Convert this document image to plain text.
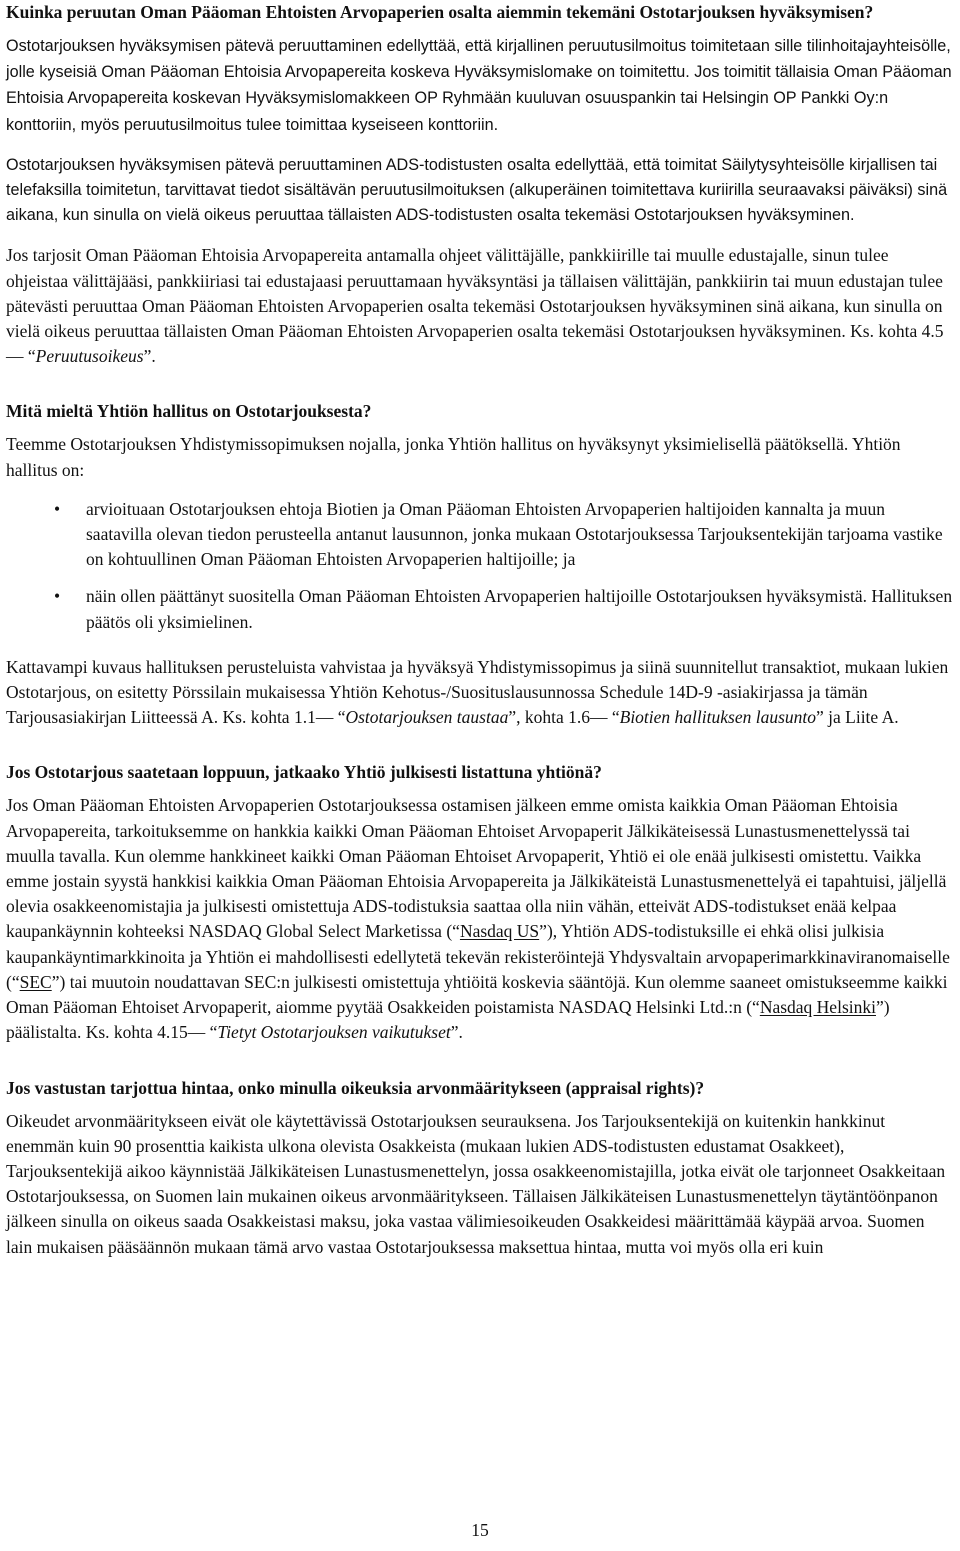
Kuinka peruutan Oman Pääoman Ehtoisten Arvopaperien osalta aiemmin tekemäni Ostotarjouksen hyväksymisen?

Ostotarjouksen hyväksymisen pätevä peruuttaminen edellyttää, että kirjallinen peruutusilmoitus toimitetaan sille tilinhoitajayhteisölle, jolle kyseisiä Oman Pääoman Ehtoisia Arvopapereita koskeva Hyväksymislomake on toimitettu. Jos toimitit tällaisia Oman Pääoman Ehtoisia Arvopapereita koskevan Hyväksymislomakkeen OP Ryhmään kuuluvan osuuspankin tai Helsingin OP Pankki Oy:n konttoriin, myös peruutusilmoitus tulee toimittaa kyseiseen konttoriin.

Ostotarjouksen hyväksymisen pätevä peruuttaminen ADS-todistusten osalta edellyttää, että toimitat Säilytysyhteisölle kirjallisen tai telefaksilla toimitetun, tarvittavat tiedot sisältävän peruutusilmoituksen (alkuperäinen toimitettava kuriirilla seuraavaksi päiväksi) sinä aikana, kun sinulla on vielä oikeus peruuttaa tällaisten ADS-todistusten osalta tekemäsi Ostotarjouksen hyväksyminen.

Jos tarjosit Oman Pääoman Ehtoisia Arvopapereita antamalla ohjeet välittäjälle, pankkiirille tai muulle edustajalle, sinun tulee ohjeistaa välittäjääsi, pankkiiriasi tai edustajaasi peruuttamaan hyväksyntäsi ja tällaisen välittäjän, pankkiirin tai muun edustajan tulee pätevästi peruuttaa Oman Pääoman Ehtoisten Arvopaperien osalta tekemäsi Ostotarjouksen hyväksyminen sinä aikana, kun sinulla on vielä oikeus peruuttaa tällaisten Oman Pääoman Ehtoisten Arvopaperien osalta tekemäsi Ostotarjouksen hyväksyminen. Ks. kohta 4.5— “Peruutusoikeus”.

Mitä mieltä Yhtiön hallitus on Ostotarjouksesta?

Teemme Ostotarjouksen Yhdistymissopimuksen nojalla, jonka Yhtiön hallitus on hyväksynyt yksimielisellä päätöksellä. Yhtiön hallitus on:

• arvioituaan Ostotarjouksen ehtoja Biotien ja Oman Pääoman Ehtoisten Arvopaperien haltijoiden kannalta ja muun saatavilla olevan tiedon perusteella antanut lausunnon, jonka mukaan Ostotarjouksessa Tarjouksentekijän tarjoama vastike on kohtuullinen Oman Pääoman Ehtoisten Arvopaperien haltijoille; ja
• näin ollen päättänyt suositella Oman Pääoman Ehtoisten Arvopaperien haltijoille Ostotarjouksen hyväksymistä. Hallituksen päätös oli yksimielinen.

Kattavampi kuvaus hallituksen perusteluista vahvistaa ja hyväksyä Yhdistymissopimus ja siinä suunnitellut transaktiot, mukaan lukien Ostotarjous, on esitetty Pörssilain mukaisessa Yhtiön Kehotus-/Suosituslausunnossa Schedule 14D-9 -asiakirjassa ja tämän Tarjousasiakirjan Liitteessä A. Ks. kohta 1.1— “Ostotarjouksen taustaa”, kohta 1.6— “Biotien hallituksen lausunto” ja Liite A.

Jos Ostotarjous saatetaan loppuun, jatkaako Yhtiö julkisesti listattuna yhtiönä?

Jos Oman Pääoman Ehtoisten Arvopaperien Ostotarjouksessa ostamisen jälkeen emme omista kaikkia Oman Pääoman Ehtoisia Arvopapereita, tarkoituksemme on hankkia kaikki Oman Pääoman Ehtoiset Arvopaperit Jälkikäteisessä Lunastusmenettelyssä tai muulla tavalla. Kun olemme hankkineet kaikki Oman Pääoman Ehtoiset Arvopaperit, Yhtiö ei ole enää julkisesti omistettu. Vaikka emme jostain syystä hankkisi kaikkia Oman Pääoman Ehtoisia Arvopapereita ja Jälkikäteistä Lunastusmenettelyä ei tapahtuisi, jäljellä olevia osakkeenomistajia ja julkisesti omistettuja ADS-todistuksia saattaa olla niin vähän, etteivät ADS-todistukset enää kelpaa kaupankäynnin kohteeksi NASDAQ Global Select Marketissa (“Nasdaq US”), Yhtiön ADS-todistuksille ei ehkä olisi julkisia kaupankäyntimarkkinoita ja Yhtiön ei mahdollisesti edellytetä tekevän rekisteröintejä Yhdysvaltain arvopaperimarkkinaviranomaiselle (“SEC”) tai muutoin noudattavan SEC:n julkisesti omistettuja yhtiöitä koskevia sääntöjä. Kun olemme saaneet omistukseemme kaikki Oman Pääoman Ehtoiset Arvopaperit, aiomme pyytää Osakkeiden poistamista NASDAQ Helsinki Ltd.:n (“Nasdaq Helsinki”) päälistalta. Ks. kohta 4.15— “Tietyt Ostotarjouksen vaikutukset”.

Jos vastustan tarjottua hintaa, onko minulla oikeuksia arvonmääritykseen (appraisal rights)?

Oikeudet arvonmääritykseen eivät ole käytettävissä Ostotarjouksen seurauksena. Jos Tarjouksentekijä on kuitenkin hankkinut enemmän kuin 90 prosenttia kaikista ulkona olevista Osakkeista (mukaan lukien ADS-todistusten edustamat Osakkeet), Tarjouksentekijä aikoo käynnistää Jälkikäteisen Lunastusmenettelyn, jossa osakkeenomistajilla, jotka eivät ole tarjonneet Osakkeitaan Ostotarjouksessa, on Suomen lain mukainen oikeus arvonmääritykseen. Tällaisen Jälkikäteisen Lunastusmenettelyn täytäntöönpanon jälkeen sinulla on oikeus saada Osakkeistasi maksu, joka vastaa välimiesoikeuden Osakkeidesi määrittämää käypää arvoa. Suomen lain mukaisen pääsäännön mukaan tämä arvo vastaa Ostotarjouksessa maksettua hintaa, mutta voi myös olla eri kuin

15
